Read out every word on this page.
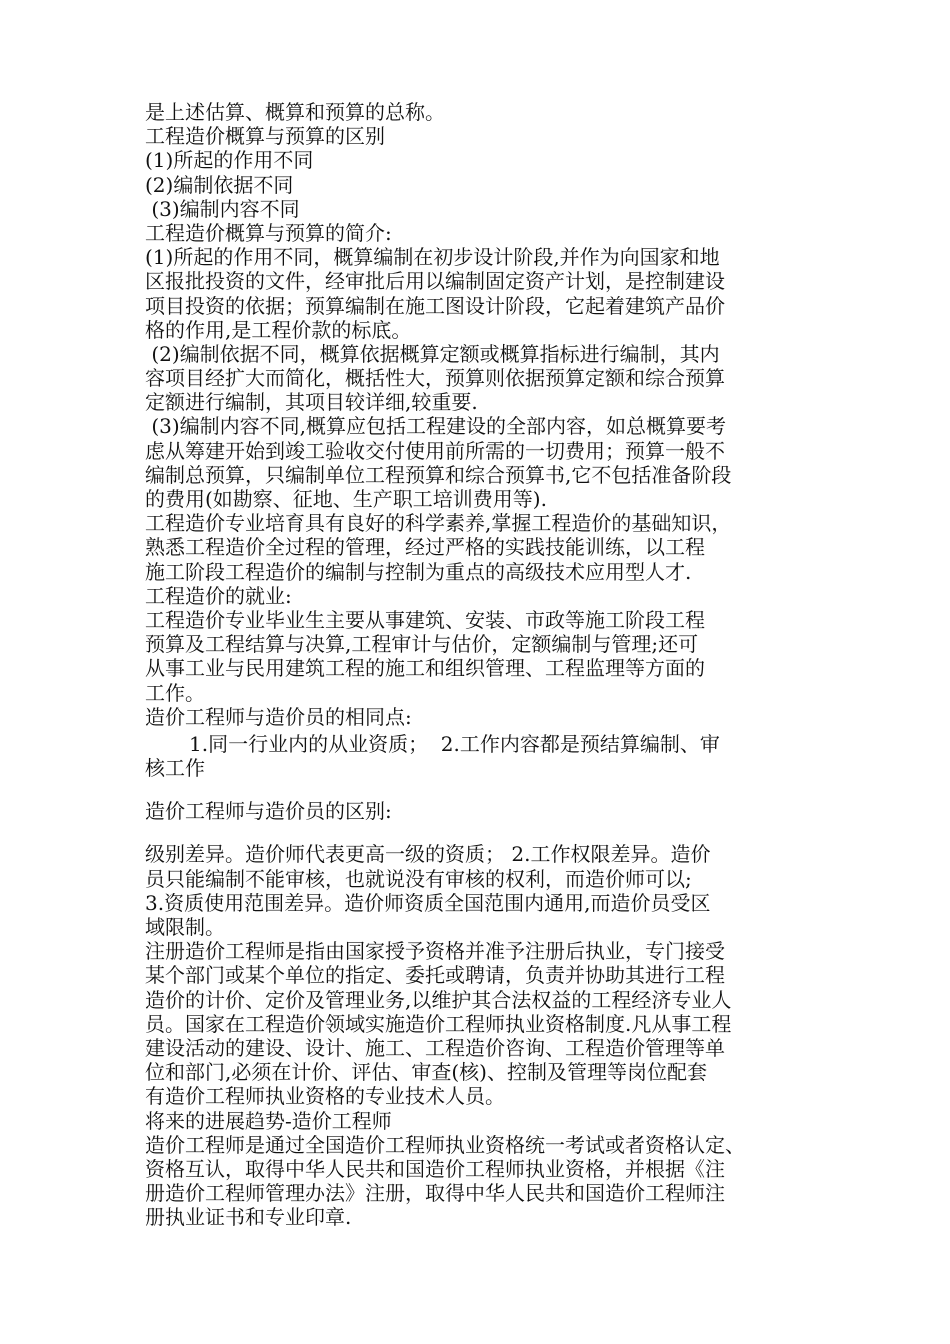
是上述估算、概算和预算的总称。
工程造价概算与预算的区别
(1)所起的作用不同
(2)编制依据不同
(3)编制内容不同
工程造价概算与预算的简介:
(1)所起的作用不同，概算编制在初步设计阶段,并作为向国家和地
区报批投资的文件，经审批后用以编制固定资产计划，是控制建设
项目投资的依据；预算编制在施工图设计阶段，它起着建筑产品价
格的作用,是工程价款的标底。
(2)编制依据不同，概算依据概算定额或概算指标进行编制，其内
容项目经扩大而简化，概括性大，预算则依据预算定额和综合预算
定额进行编制，其项目较详细,较重要.
(3)编制内容不同,概算应包括工程建设的全部内容，如总概算要考
虑从筹建开始到竣工验收交付使用前所需的一切费用；预算一般不
编制总预算，只编制单位工程预算和综合预算书,它不包括准备阶段
的费用(如勘察、征地、生产职工培训费用等).
工程造价专业培育具有良好的科学素养,掌握工程造价的基础知识，
熟悉工程造价全过程的管理，经过严格的实践技能训练，以工程
施工阶段工程造价的编制与控制为重点的高级技术应用型人才.
工程造价的就业:
工程造价专业毕业生主要从事建筑、安装、市政等施工阶段工程
预算及工程结算与决算,工程审计与估价，定额编制与管理;还可
从事工业与民用建筑工程的施工和组织管理、工程监理等方面的
工作。
造价工程师与造价员的相同点:
1.同一行业内的从业资质；  2.工作内容都是预结算编制、审
核工作
造价工程师与造价员的区别:
级别差异。造价师代表更高一级的资质； 2.工作权限差异。造价
员只能编制不能审核，也就说没有审核的权利，而造价师可以;
3.资质使用范围差异。造价师资质全国范围内通用,而造价员受区
域限制。
注册造价工程师是指由国家授予资格并准予注册后执业，专门接受
某个部门或某个单位的指定、委托或聘请，负责并协助其进行工程
造价的计价、定价及管理业务,以维护其合法权益的工程经济专业人
员。国家在工程造价领域实施造价工程师执业资格制度.凡从事工程
建设活动的建设、设计、施工、工程造价咨询、工程造价管理等单
位和部门,必须在计价、评估、审查(核)、控制及管理等岗位配套
有造价工程师执业资格的专业技术人员。
将来的进展趋势-造价工程师
造价工程师是通过全国造价工程师执业资格统一考试或者资格认定、
资格互认，取得中华人民共和国造价工程师执业资格，并根据《注
册造价工程师管理办法》注册，取得中华人民共和国造价工程师注
册执业证书和专业印章.
